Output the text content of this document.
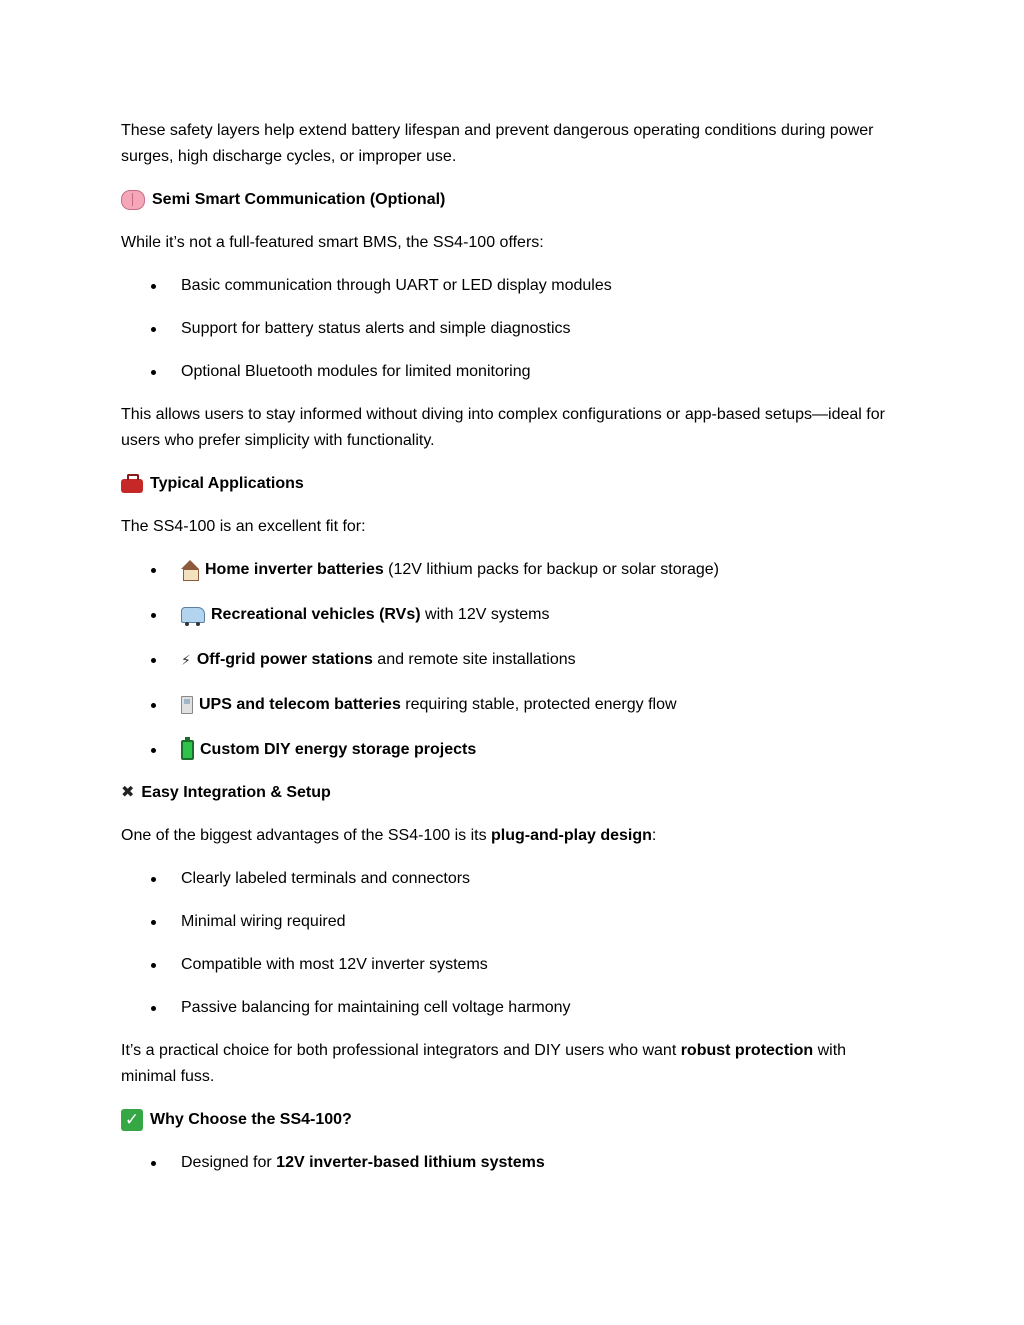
These safety layers help extend battery lifespan and prevent dangerous operating conditions during power surges, high discharge cycles, or improper use.

Semi Smart Communication (Optional)

While it’s not a full-featured smart BMS, the SS4-100 offers:

Basic communication through UART or LED display modules
Support for battery status alerts and simple diagnostics
Optional Bluetooth modules for limited monitoring

This allows users to stay informed without diving into complex configurations or app-based setups—ideal for users who prefer simplicity with functionality.

Typical Applications

The SS4-100 is an excellent fit for:

Home inverter batteries (12V lithium packs for backup or solar storage)
Recreational vehicles (RVs) with 12V systems
⚡ Off-grid power stations and remote site installations
UPS and telecom batteries requiring stable, protected energy flow
Custom DIY energy storage projects
✖ Easy Integration & Setup

One of the biggest advantages of the SS4-100 is its plug-and-play design:

Clearly labeled terminals and connectors
Minimal wiring required
Compatible with most 12V inverter systems
Passive balancing for maintaining cell voltage harmony

It’s a practical choice for both professional integrators and DIY users who want robust protection with minimal fuss.

✓ Why Choose the SS4-100?
Designed for 12V inverter-based lithium systems
